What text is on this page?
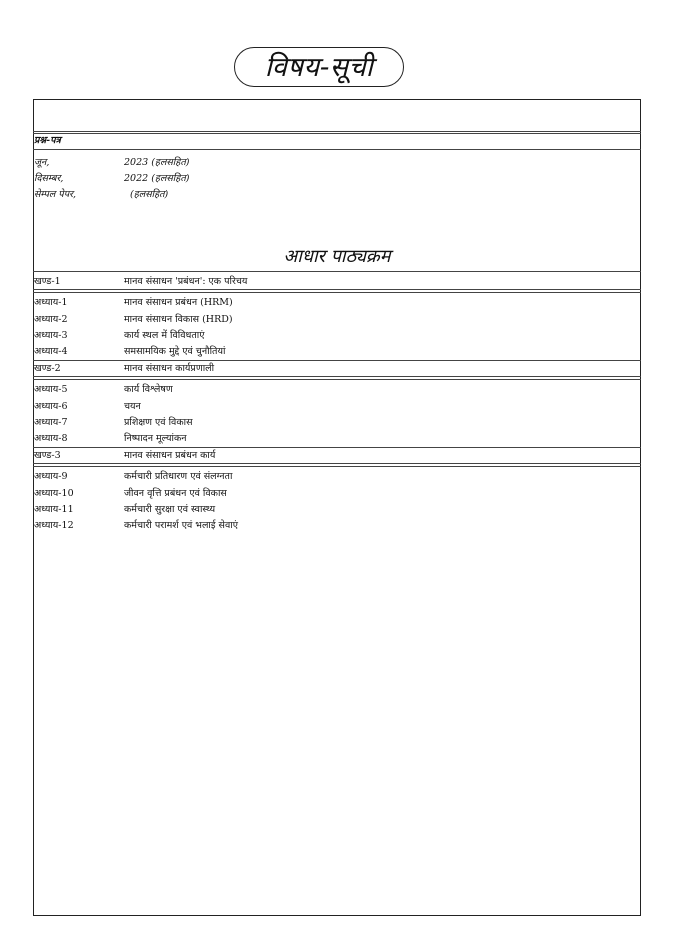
विषय-सूची
प्रश्न-पत्र
जून,	2023 (हलसहित)
दिसम्बर,	2022 (हलसहित)
सेम्पल पेपर,	(हलसहित)
आधार पाठ्यक्रम
खण्ड-1	मानव संसाधन 'प्रबंधन': एक परिचय
अध्याय-1	मानव संसाधन प्रबंधन (HRM)
अध्याय-2	मानव संसाधन विकास (HRD)
अध्याय-3	कार्य स्थल में विविधताएं
अध्याय-4	समसामयिक मुद्दे एवं चुनौतियां
खण्ड-2	मानव संसाधन कार्यप्रणाली
अध्याय-5	कार्य विश्लेषण
अध्याय-6	चयन
अध्याय-7	प्रशिक्षण एवं विकास
अध्याय-8	निष्पादन मूल्यांकन
खण्ड-3	मानव संसाधन प्रबंधन कार्य
अध्याय-9	कर्मचारी प्रतिधारण एवं संलग्नता
अध्याय-10	जीवन वृत्ति प्रबंधन एवं विकास
अध्याय-11	कर्मचारी सुरक्षा एवं स्वास्थ्य
अध्याय-12	कर्मचारी परामर्श एवं भलाई सेवाएं
